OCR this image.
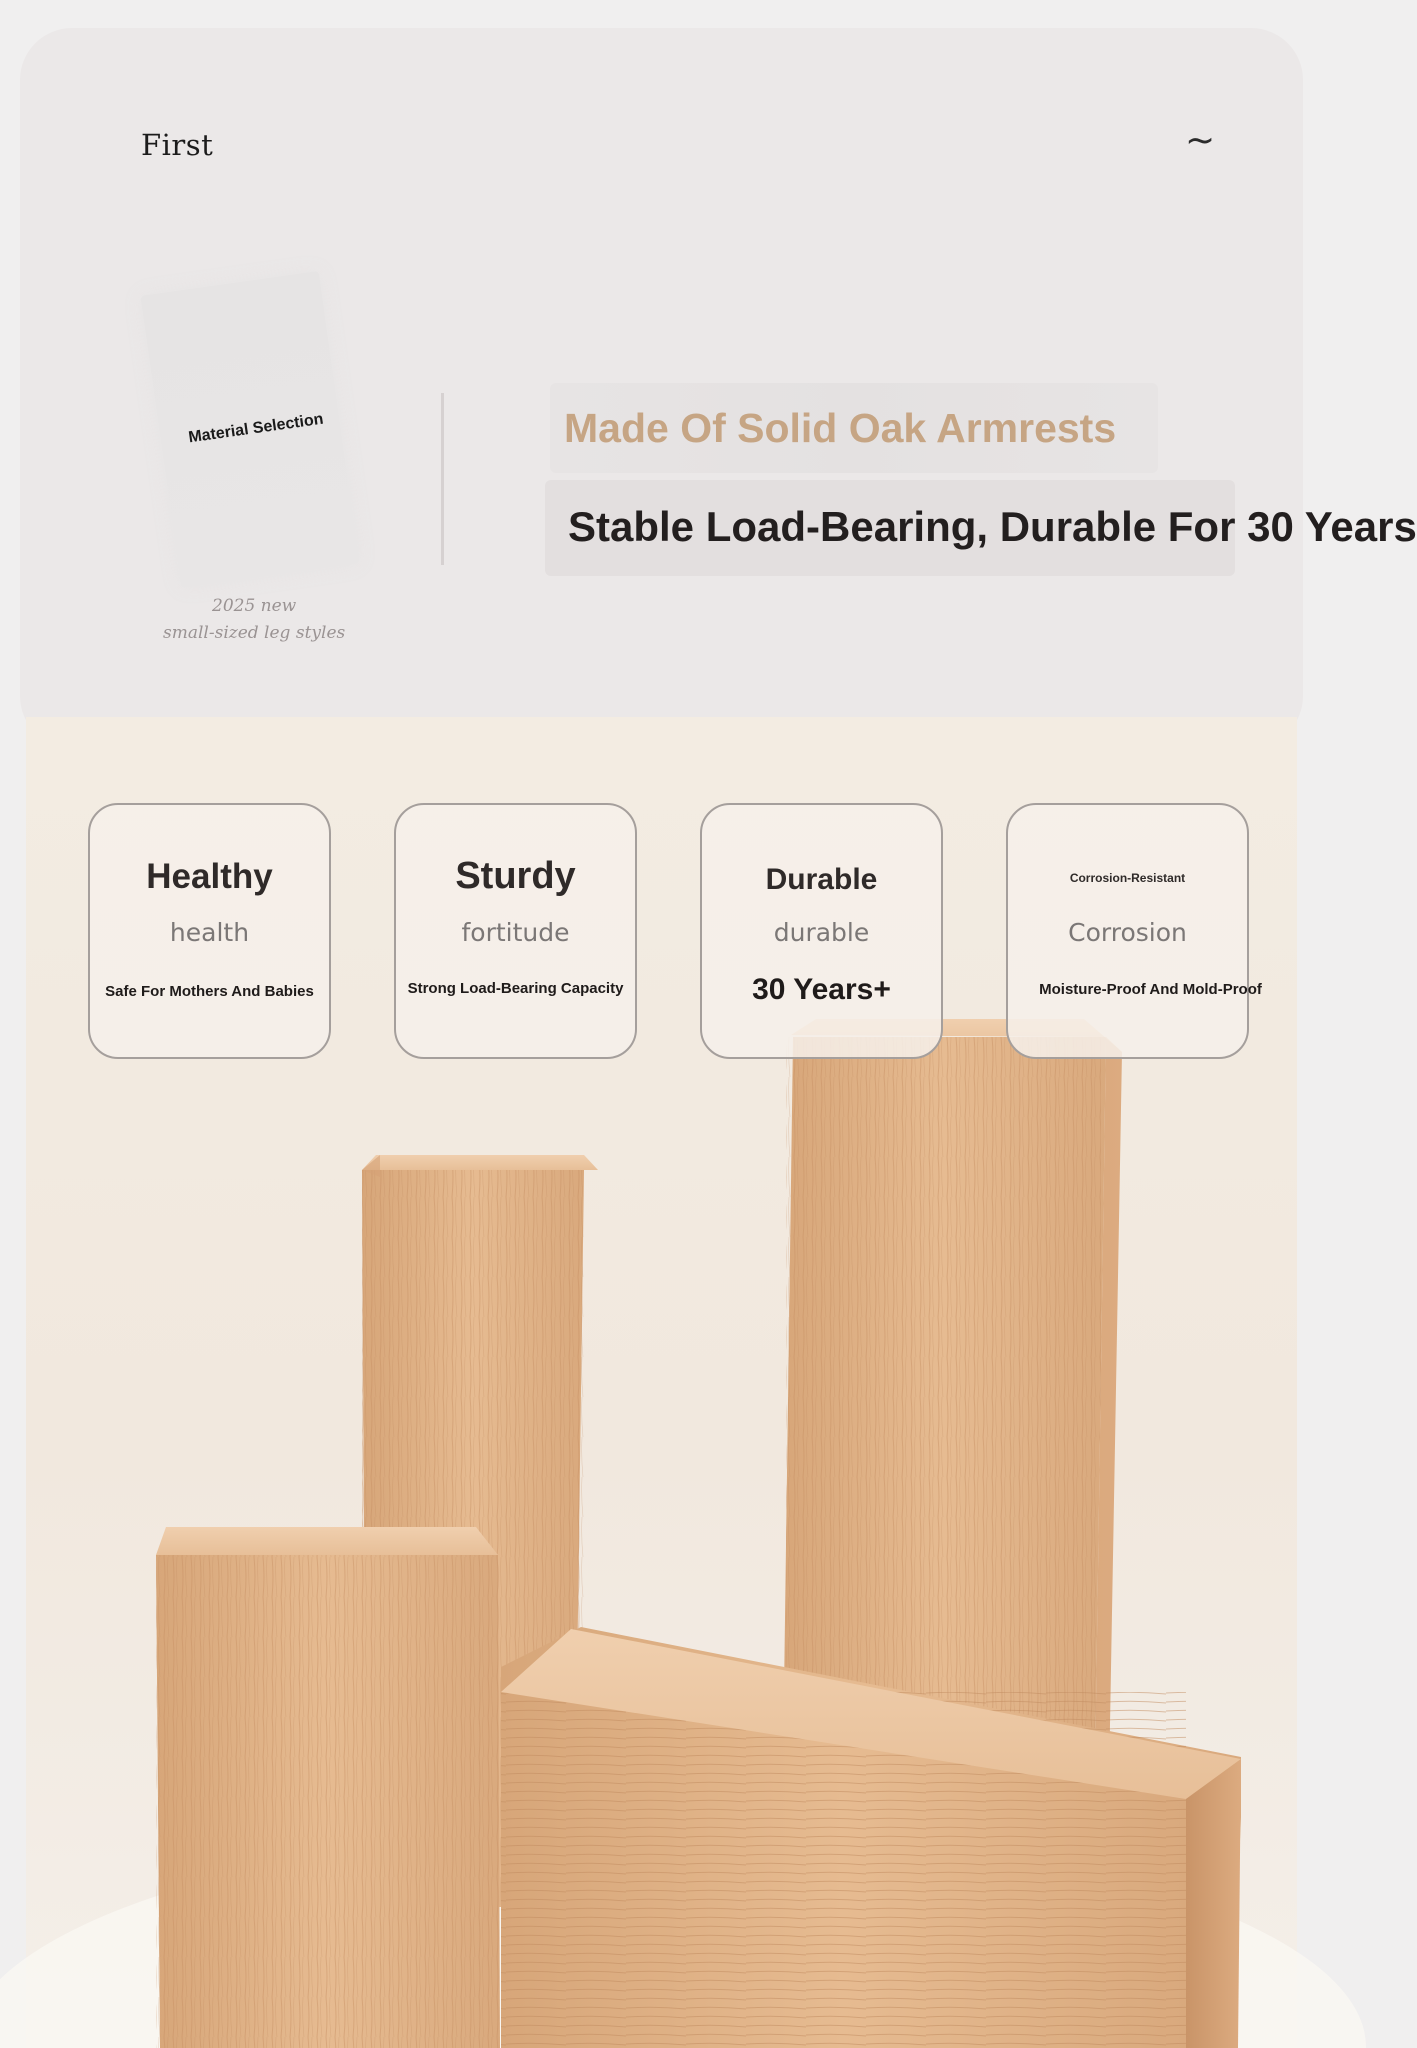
First	~
Material Selection
2025 new
small-sized leg styles
Made Of Solid Oak Armrests
Stable Load-Bearing, Durable For 30 Years
Healthy
health
Safe For Mothers And Babies
Sturdy
fortitude
Strong Load-Bearing Capacity
Durable
durable
30 Years+
Corrosion-Resistant
Corrosion
Moisture-Proof And Mold-Proof
